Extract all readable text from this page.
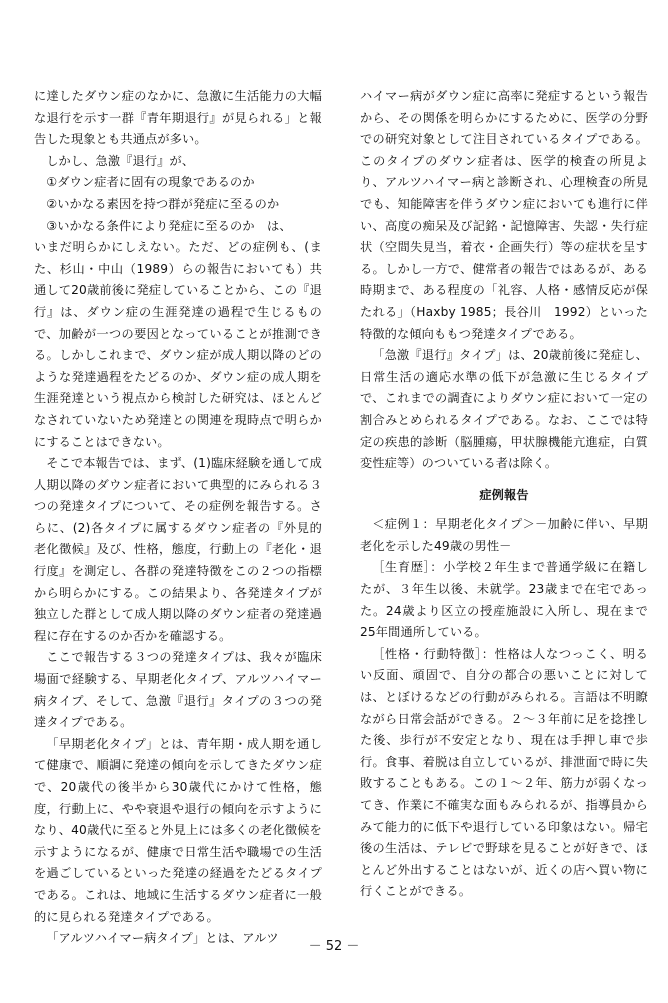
に達したダウン症のなかに、急激に生活能力の大幅な退行を示す一群『青年期退行』が見られる」と報告した現象とも共通点が多い。

しかし、急激『退行』が、

①ダウン症者に固有の現象であるのか
②いかなる素因を持つ群が発症に至るのか
③いかなる条件により発症に至るのか　は、

いまだ明らかにしえない。ただ、どの症例も、(また、杉山・中山（1989）らの報告においても）共通して20歳前後に発症していることから、この『退行』は、ダウン症の生涯発達の過程で生じるもので、加齢が一つの要因となっていることが推測できる。しかしこれまで、ダウン症が成人期以降のどのような発達過程をたどるのか、ダウン症の成人期を生涯発達という視点から検討した研究は、ほとんどなされていないため発達との関連を現時点で明らかにすることはできない。

そこで本報告では、まず、(1)臨床経験を通して成人期以降のダウン症者において典型的にみられる３つの発達タイプについて、その症例を報告する。さらに、(2)各タイプに属するダウン症者の『外見的老化徴候』及び、性格，態度，行動上の『老化・退行度』を測定し、各群の発達特徴をこの２つの指標から明らかにする。この結果より、各発達タイプが独立した群として成人期以降のダウン症者の発達過程に存在するのか否かを確認する。

ここで報告する３つの発達タイプは、我々が臨床場面で経験する、早期老化タイプ、アルツハイマー病タイプ、そして、急激『退行』タイプの３つの発達タイプである。

「早期老化タイプ」とは、青年期・成人期を通して健康で、順調に発達の傾向を示してきたダウン症で、20歳代の後半から30歳代にかけて性格，態度，行動上に、やや衰退や退行の傾向を示すようになり、40歳代に至ると外見上には多くの老化徴候を示すようになるが、健康で日常生活や職場での生活を過ごしているといった発達の経過をたどるタイプである。これは、地域に生活するダウン症者に一般的に見られる発達タイプである。

「アルツハイマー病タイプ」とは、アルツ

ハイマー病がダウン症に高率に発症するという報告から、その関係を明らかにするために、医学の分野での研究対象として注目されているタイプである。このタイプのダウン症者は、医学的検査の所見より、アルツハイマー病と診断され、心理検査の所見でも、知能障害を伴うダウン症においても進行に伴い、高度の痴呆及び記銘・記憶障害、失認・失行症状（空間失見当，着衣・企画失行）等の症状を呈する。しかし一方で、健常者の報告ではあるが、ある時期まで、ある程度の「礼容、人格・感情反応が保たれる」（Haxby 1985；長谷川　1992）といった特徴的な傾向ももつ発達タイプである。

「急激『退行』タイプ」は、20歳前後に発症し、日常生活の適応水準の低下が急激に生じるタイプで、これまでの調査によりダウン症において一定の割合みとめられるタイプである。なお、ここでは特定の疾患的診断（脳腫瘍，甲状腺機能亢進症，白質変性症等）のついている者は除く。

症例報告

＜症例１：早期老化タイプ＞－加齢に伴い、早期老化を示した49歳の男性－

［生育歴］：小学校２年生まで普通学級に在籍したが、３年生以後、未就学。23歳まで在宅であった。24歳より区立の授産施設に入所し、現在まで25年間通所している。

［性格・行動特徴］：性格は人なつっこく、明るい反面、頑固で、自分の都合の悪いことに対しては、とぼけるなどの行動がみられる。言語は不明瞭ながら日常会話ができる。２～３年前に足を捻挫した後、歩行が不安定となり、現在は手押し車で歩行。食事、着脱は自立しているが、排泄面で時に失敗することもある。この１～２年、筋力が弱くなってき、作業に不確実な面もみられるが、指導員からみて能力的に低下や退行している印象はない。帰宅後の生活は、テレビで野球を見ることが好きで、ほとんど外出することはないが、近くの店へ買い物に行くことができる。

－ 52 －
